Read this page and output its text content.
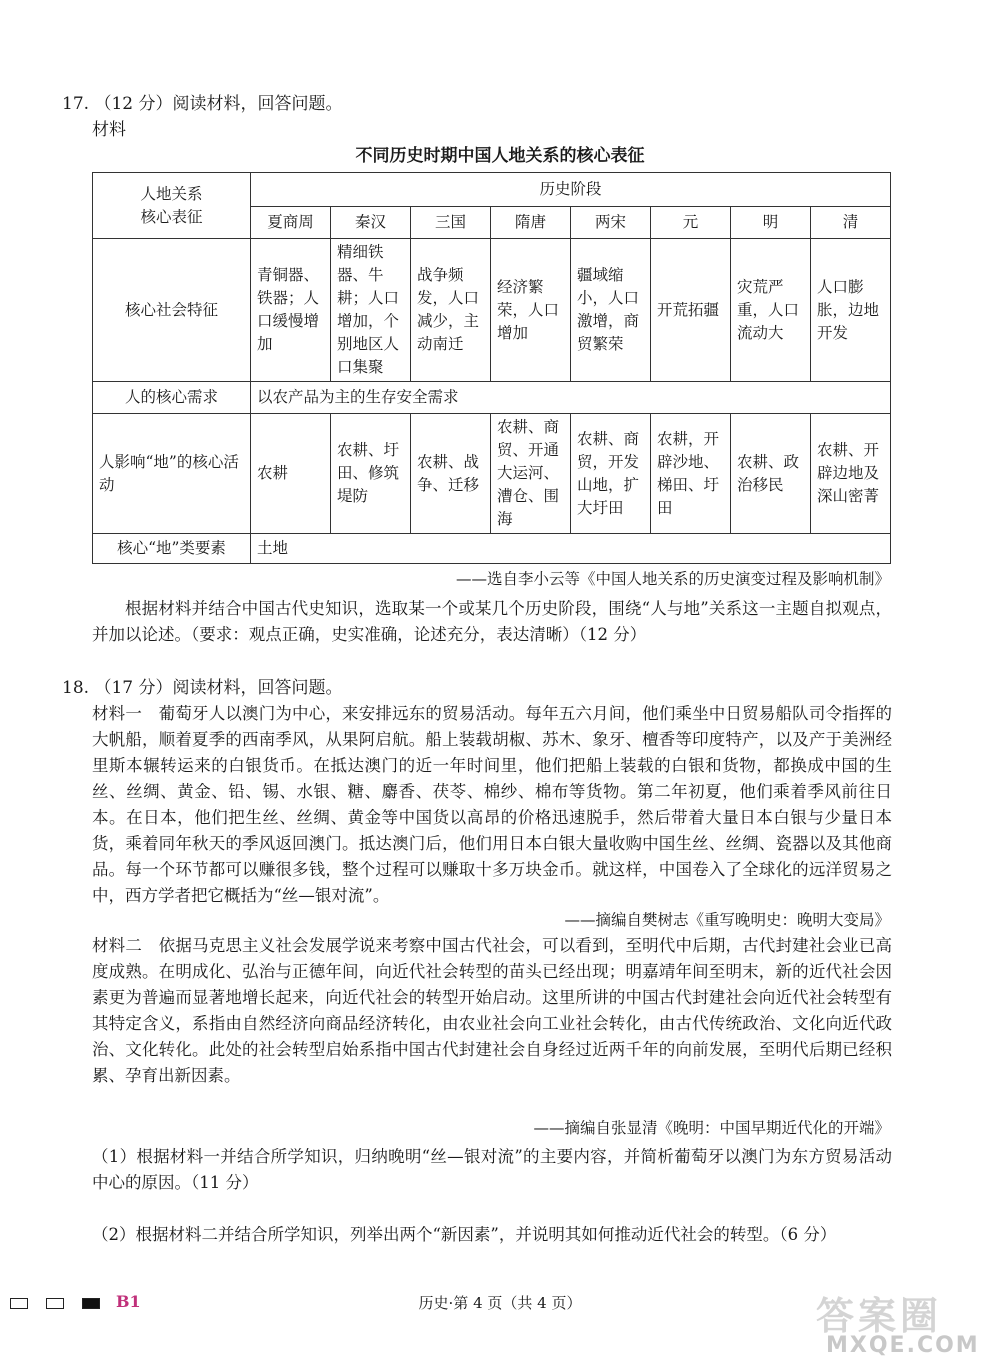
17. （12 分）阅读材料，回答问题。
材料
不同历史时期中国人地关系的核心表征
人地关系
核心表征	历史阶段							
	夏商周	秦汉	三国	隋唐	两宋	元	明	清
核心社会特征	青铜器、铁器；人口缓慢增加	精细铁器、牛耕；人口增加，个别地区人口集聚	战争频发，人口减少，主动南迁	经济繁荣，人口增加	疆域缩小，人口激增，商贸繁荣	开荒拓疆	灾荒严重，人口流动大	人口膨胀，边地开发
人的核心需求	以农产品为主的生存安全需求							
人影响“地”的核心活动	农耕	农耕、圩田、修筑堤防	农耕、战争、迁移	农耕、商贸、开通大运河、漕仓、围海	农耕、商贸，开发山地，扩大圩田	农耕，开辟沙地、梯田、圩田	农耕、政治移民	农耕、开辟边地及深山密菁
核心“地”类要素	土地							
——选自李小云等《中国人地关系的历史演变过程及影响机制》
根据材料并结合中国古代史知识，选取某一个或某几个历史阶段，围绕“人与地”关系这一主题自拟观点，并加以论述。（要求：观点正确，史实准确，论述充分，表达清晰）（12 分）
18. （17 分）阅读材料，回答问题。
材料一　葡萄牙人以澳门为中心，来安排远东的贸易活动。每年五六月间，他们乘坐中日贸易船队司令指挥的大帆船，顺着夏季的西南季风，从果阿启航。船上装载胡椒、苏木、象牙、檀香等印度特产，以及产于美洲经里斯本辗转运来的白银货币。在抵达澳门的近一年时间里，他们把船上装载的白银和货物，都换成中国的生丝、丝绸、黄金、铅、锡、水银、糖、麝香、茯苓、棉纱、棉布等货物。第二年初夏，他们乘着季风前往日本。在日本，他们把生丝、丝绸、黄金等中国货以高昂的价格迅速脱手，然后带着大量日本白银与少量日本货，乘着同年秋天的季风返回澳门。抵达澳门后，他们用日本白银大量收购中国生丝、丝绸、瓷器以及其他商品。每一个环节都可以赚很多钱，整个过程可以赚取十多万块金币。就这样，中国卷入了全球化的远洋贸易之中，西方学者把它概括为“丝—银对流”。
——摘编自樊树志《重写晚明史：晚明大变局》
材料二　依据马克思主义社会发展学说来考察中国古代社会，可以看到，至明代中后期，古代封建社会业已高度成熟。在明成化、弘治与正德年间，向近代社会转型的苗头已经出现；明嘉靖年间至明末，新的近代社会因素更为普遍而显著地增长起来，向近代社会的转型开始启动。这里所讲的中国古代封建社会向近代社会转型有其特定含义，系指由自然经济向商品经济转化，由农业社会向工业社会转化，由古代传统政治、文化向近代政治、文化转化。此处的社会转型启始系指中国古代封建社会自身经过近两千年的向前发展，至明代后期已经积累、孕育出新因素。
——摘编自张显清《晚明：中国早期近代化的开端》
（1）根据材料一并结合所学知识，归纳晚明“丝—银对流”的主要内容，并简析葡萄牙以澳门为东方贸易活动中心的原因。（11 分）
（2）根据材料二并结合所学知识，列举出两个“新因素”，并说明其如何推动近代社会的转型。（6 分）
B1	历史·第 4 页（共 4 页）	答案圈
MXQE.COM
